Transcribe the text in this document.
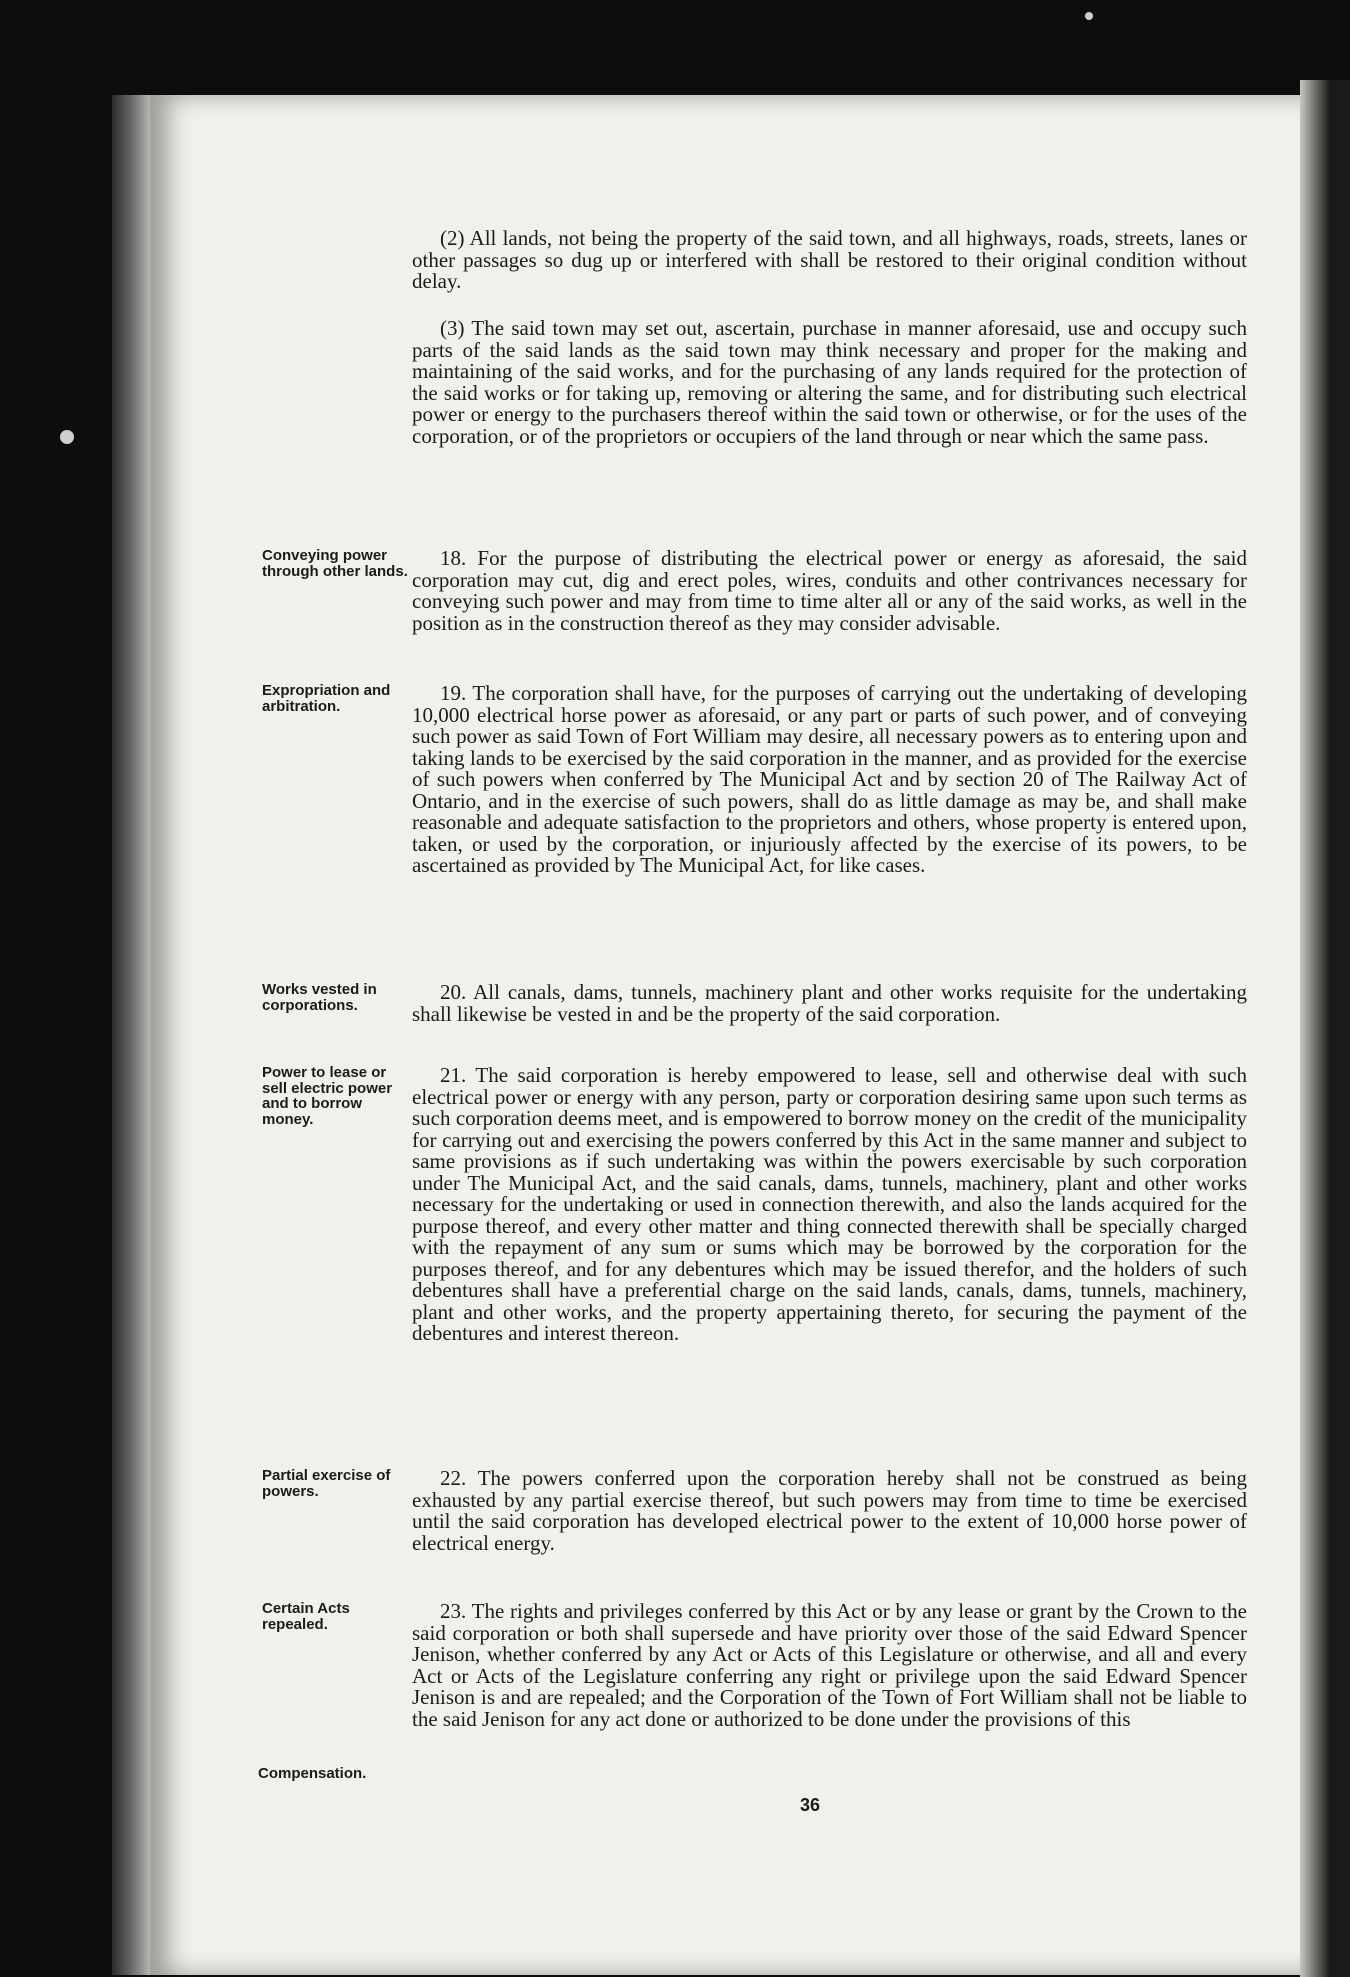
(2) All lands, not being the property of the said town, and all highways, roads, streets, lanes or other passages so dug up or interfered with shall be restored to their original condition without delay.

(3) The said town may set out, ascertain, purchase in manner aforesaid, use and occupy such parts of the said lands as the said town may think necessary and proper for the making and maintaining of the said works, and for the purchasing of any lands required for the protection of the said works or for taking up, removing or altering the same, and for distributing such electrical power or energy to the purchasers thereof within the said town or otherwise, or for the uses of the corporation, or of the proprietors or occupiers of the land through or near which the same pass.

Conveying power through other lands.

18. For the purpose of distributing the electrical power or energy as aforesaid, the said corporation may cut, dig and erect poles, wires, conduits and other contrivances necessary for conveying such power and may from time to time alter all or any of the said works, as well in the position as in the construction thereof as they may consider advisable.

Expropriation and arbitration.

19. The corporation shall have, for the purposes of carrying out the undertaking of developing 10,000 electrical horse power as aforesaid, or any part or parts of such power, and of conveying such power as said Town of Fort William may desire, all necessary powers as to entering upon and taking lands to be exercised by the said corporation in the manner, and as provided for the exercise of such powers when conferred by The Municipal Act and by section 20 of The Railway Act of Ontario, and in the exercise of such powers, shall do as little damage as may be, and shall make reasonable and adequate satisfaction to the proprietors and others, whose property is entered upon, taken, or used by the corporation, or injuriously affected by the exercise of its powers, to be ascertained as provided by The Municipal Act, for like cases.

Works vested in corporations.

20. All canals, dams, tunnels, machinery plant and other works requisite for the undertaking shall likewise be vested in and be the property of the said corporation.

Power to lease or sell electric power and to borrow money.

21. The said corporation is hereby empowered to lease, sell and otherwise deal with such electrical power or energy with any person, party or corporation desiring same upon such terms as such corporation deems meet, and is empowered to borrow money on the credit of the municipality for carrying out and exercising the powers conferred by this Act in the same manner and subject to same provisions as if such undertaking was within the powers exercisable by such corporation under The Municipal Act, and the said canals, dams, tunnels, machinery, plant and other works necessary for the undertaking or used in connection therewith, and also the lands acquired for the purpose thereof, and every other matter and thing connected therewith shall be specially charged with the repayment of any sum or sums which may be borrowed by the corporation for the purposes thereof, and for any debentures which may be issued therefor, and the holders of such debentures shall have a preferential charge on the said lands, canals, dams, tunnels, machinery, plant and other works, and the property appertaining thereto, for securing the payment of the debentures and interest thereon.

Partial exercise of powers.

22. The powers conferred upon the corporation hereby shall not be construed as being exhausted by any partial exercise thereof, but such powers may from time to time be exercised until the said corporation has developed electrical power to the extent of 10,000 horse power of electrical energy.

Certain Acts repealed.

23. The rights and privileges conferred by this Act or by any lease or grant by the Crown to the said corporation or both shall supersede and have priority over those of the said Edward Spencer Jenison, whether conferred by any Act or Acts of this Legislature or otherwise, and all and every Act or Acts of the Legislature conferring any right or privilege upon the said Edward Spencer Jenison is and are repealed; and the Corporation of the Town of Fort William shall not be liable to the said Jenison for any act done or authorized to be done under the provisions of this

Compensation.
36
